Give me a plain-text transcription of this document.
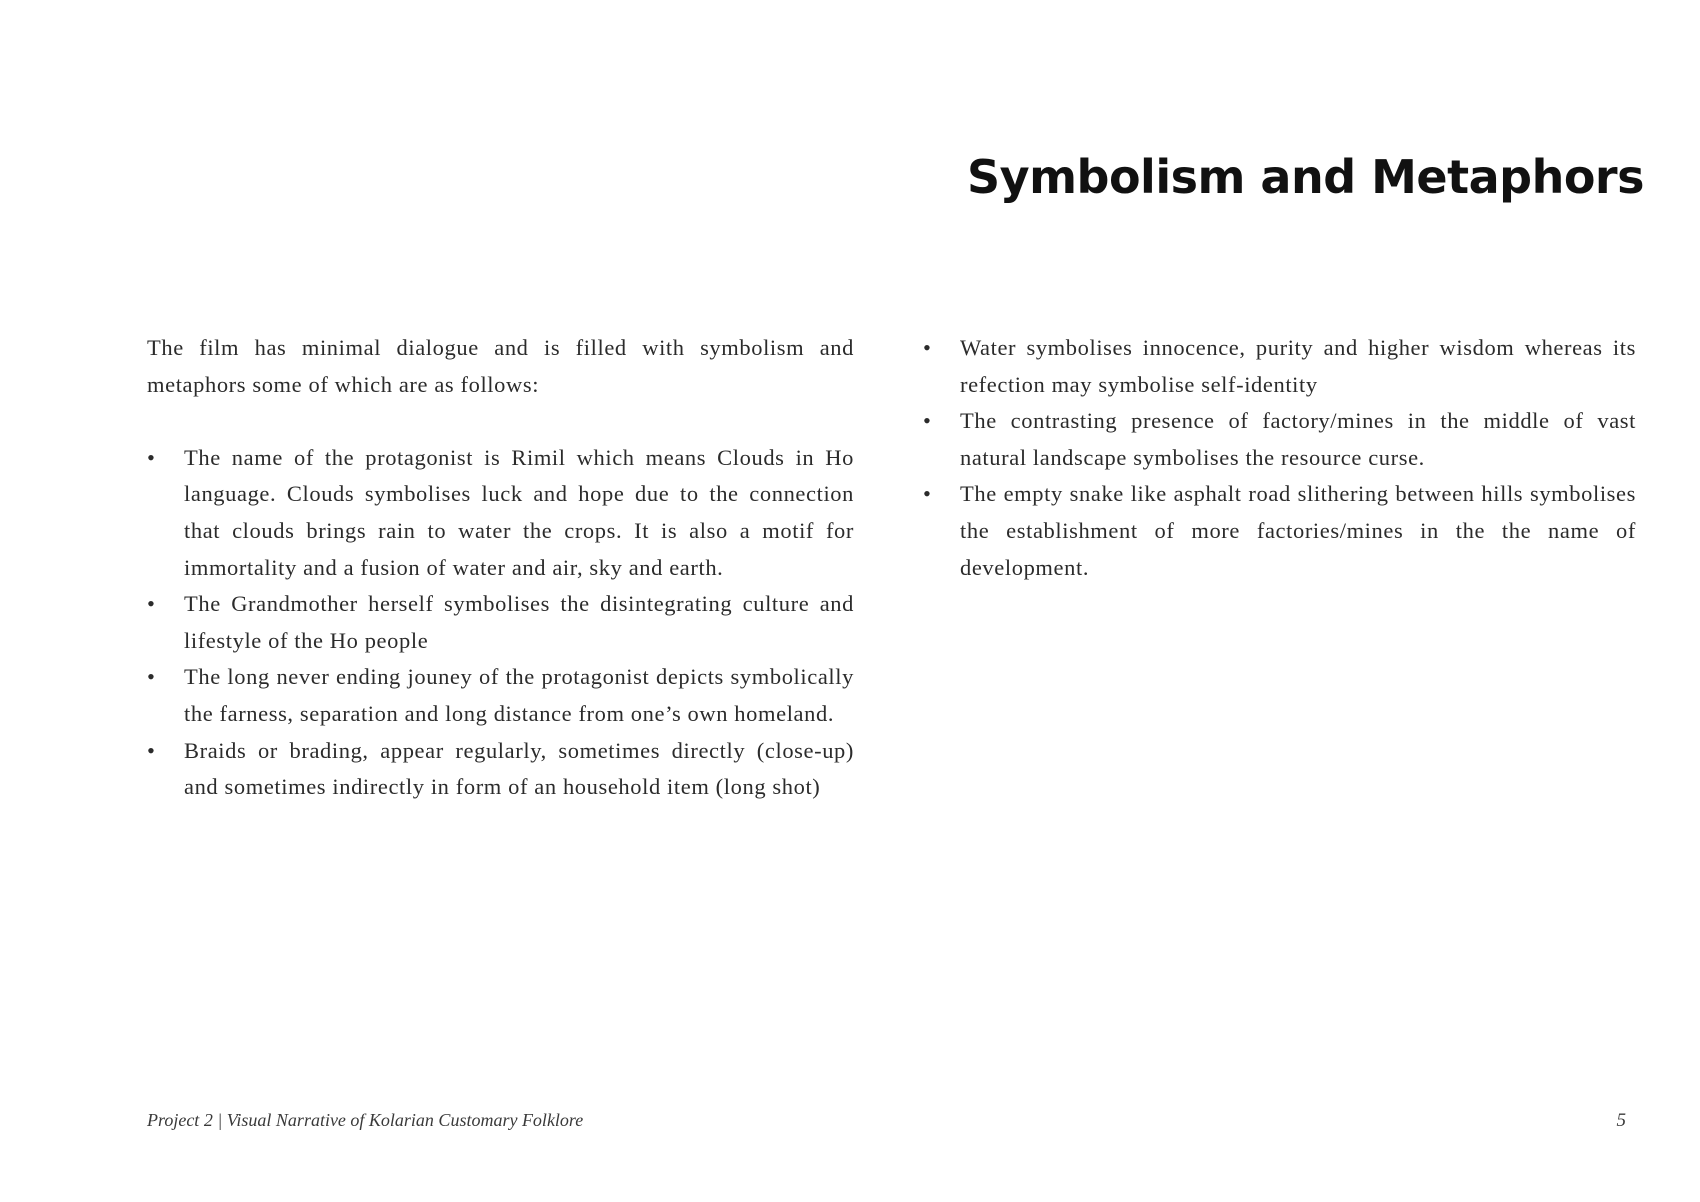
Symbolism and Metaphors

The film has minimal dialogue and is filled with symbolism and metaphors some of which are as follows:

• The name of the protagonist is Rimil which means Clouds in Ho language. Clouds symbolises luck and hope due to the connection that clouds brings rain to water the crops. It is also a motif for immortality and a fusion of water and air, sky and earth.
• The Grandmother herself symbolises the disintegrating culture and lifestyle of the Ho people
• The long never ending jouney of the protagonist depicts symbolically the farness, separation and long distance from one’s own homeland.
• Braids or brading, appear regularly, sometimes directly (close-up) and sometimes indirectly in form of an household item (long shot)
• Water symbolises innocence, purity and higher wisdom whereas its refection may symbolise self-identity
• The contrasting presence of factory/mines in the middle of vast natural landscape symbolises the resource curse.
• The empty snake like asphalt road slithering between hills symbolises the establishment of more factories/mines in the the name of development.
Project 2 | Visual Narrative of Kolarian Customary Folklore	5
